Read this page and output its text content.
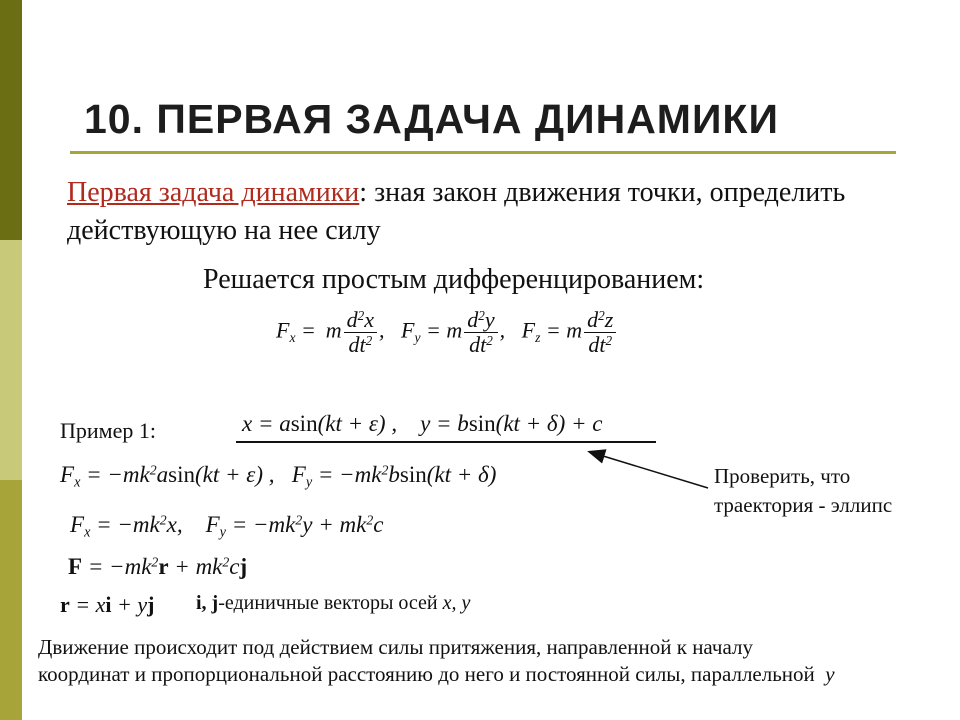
10. ПЕРВАЯ ЗАДАЧА ДИНАМИКИ
Первая задача динамики: зная закон движения точки, определить действующую на нее силу
Решается простым дифференцированием:
$F_x = m \frac{d^2x}{dt^2}$ ,   $F_y = m \frac{d^2y}{dt^2}$ ,   $F_z = m \frac{d^2z}{dt^2}$
Пример 1:	x = asin(kt + ε) ,    y = bsin(kt + δ) + c
$F_x = -mk^2asin(kt + \varepsilon)$ ,   $F_y = -mk^2bsin(kt + \delta)$
$F_x = -mk^2x$,    $F_y = -mk^2y + mk^2c$
$F = -mk^2r + mk^2cj$
r = xi + yj i, j-единичные векторы осей x, y
Проверить, что
траектория - эллипс
Движение происходит под действием силы притяжения, направленной к началу
координат и пропорциональной расстоянию до него и постоянной силы, параллельной y
